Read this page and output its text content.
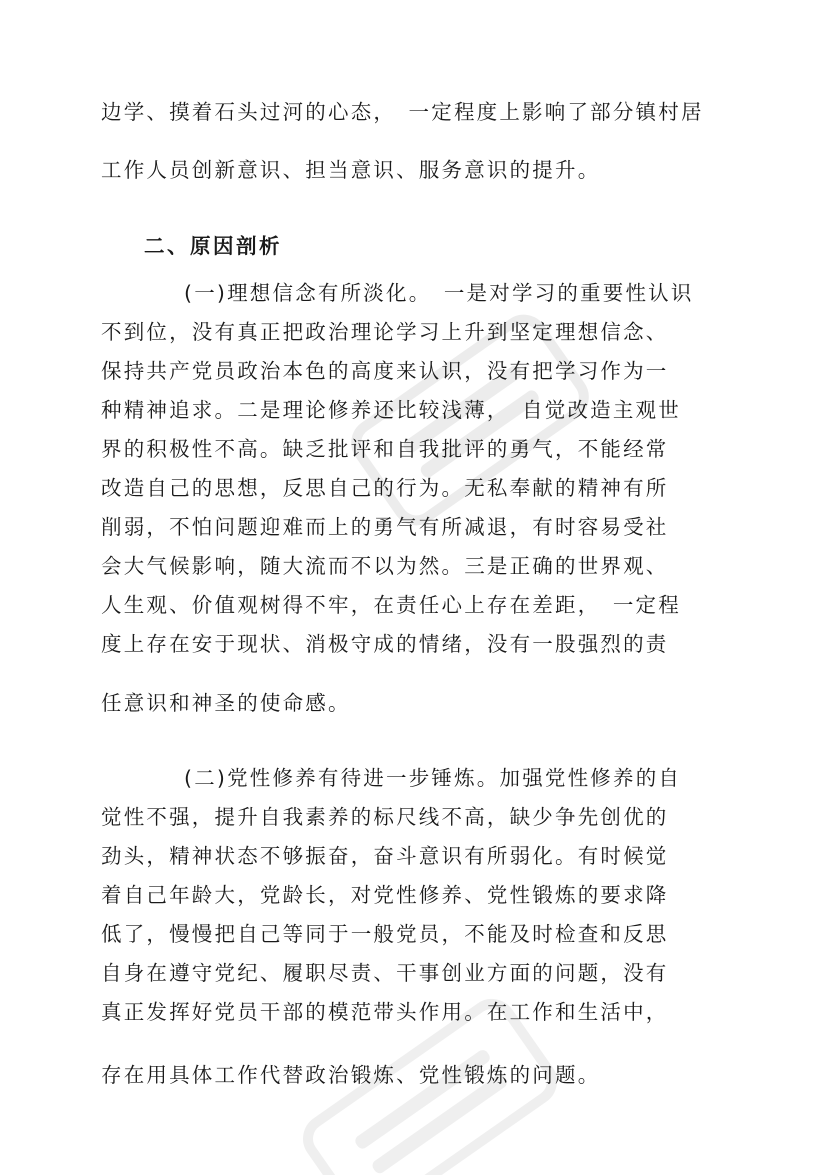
边学、摸着石头过河的心态，　一定程度上影响了部分镇村居

工作人员创新意识、担当意识、服务意识的提升。

二、原因剖析

(一)理想信念有所淡化。　一是对学习的重要性认识

不到位，没有真正把政治理论学习上升到坚定理想信念、

保持共产党员政治本色的高度来认识，没有把学习作为一

种精神追求。二是理论修养还比较浅薄，　自觉改造主观世

界的积极性不高。缺乏批评和自我批评的勇气，不能经常

改造自己的思想，反思自己的行为。无私奉献的精神有所

削弱，不怕问题迎难而上的勇气有所减退，有时容易受社

会大气候影响，随大流而不以为然。三是正确的世界观、

人生观、价值观树得不牢，在责任心上存在差距，　一定程

度上存在安于现状、消极守成的情绪，没有一股强烈的责

任意识和神圣的使命感。

(二)党性修养有待进一步锤炼。加强党性修养的自

觉性不强，提升自我素养的标尺线不高，缺少争先创优的

劲头，精神状态不够振奋，奋斗意识有所弱化。有时候觉

着自己年龄大，党龄长，对党性修养、党性锻炼的要求降

低了，慢慢把自己等同于一般党员，不能及时检查和反思

自身在遵守党纪、履职尽责、干事创业方面的问题，没有

真正发挥好党员干部的模范带头作用。在工作和生活中，

存在用具体工作代替政治锻炼、党性锻炼的问题。
